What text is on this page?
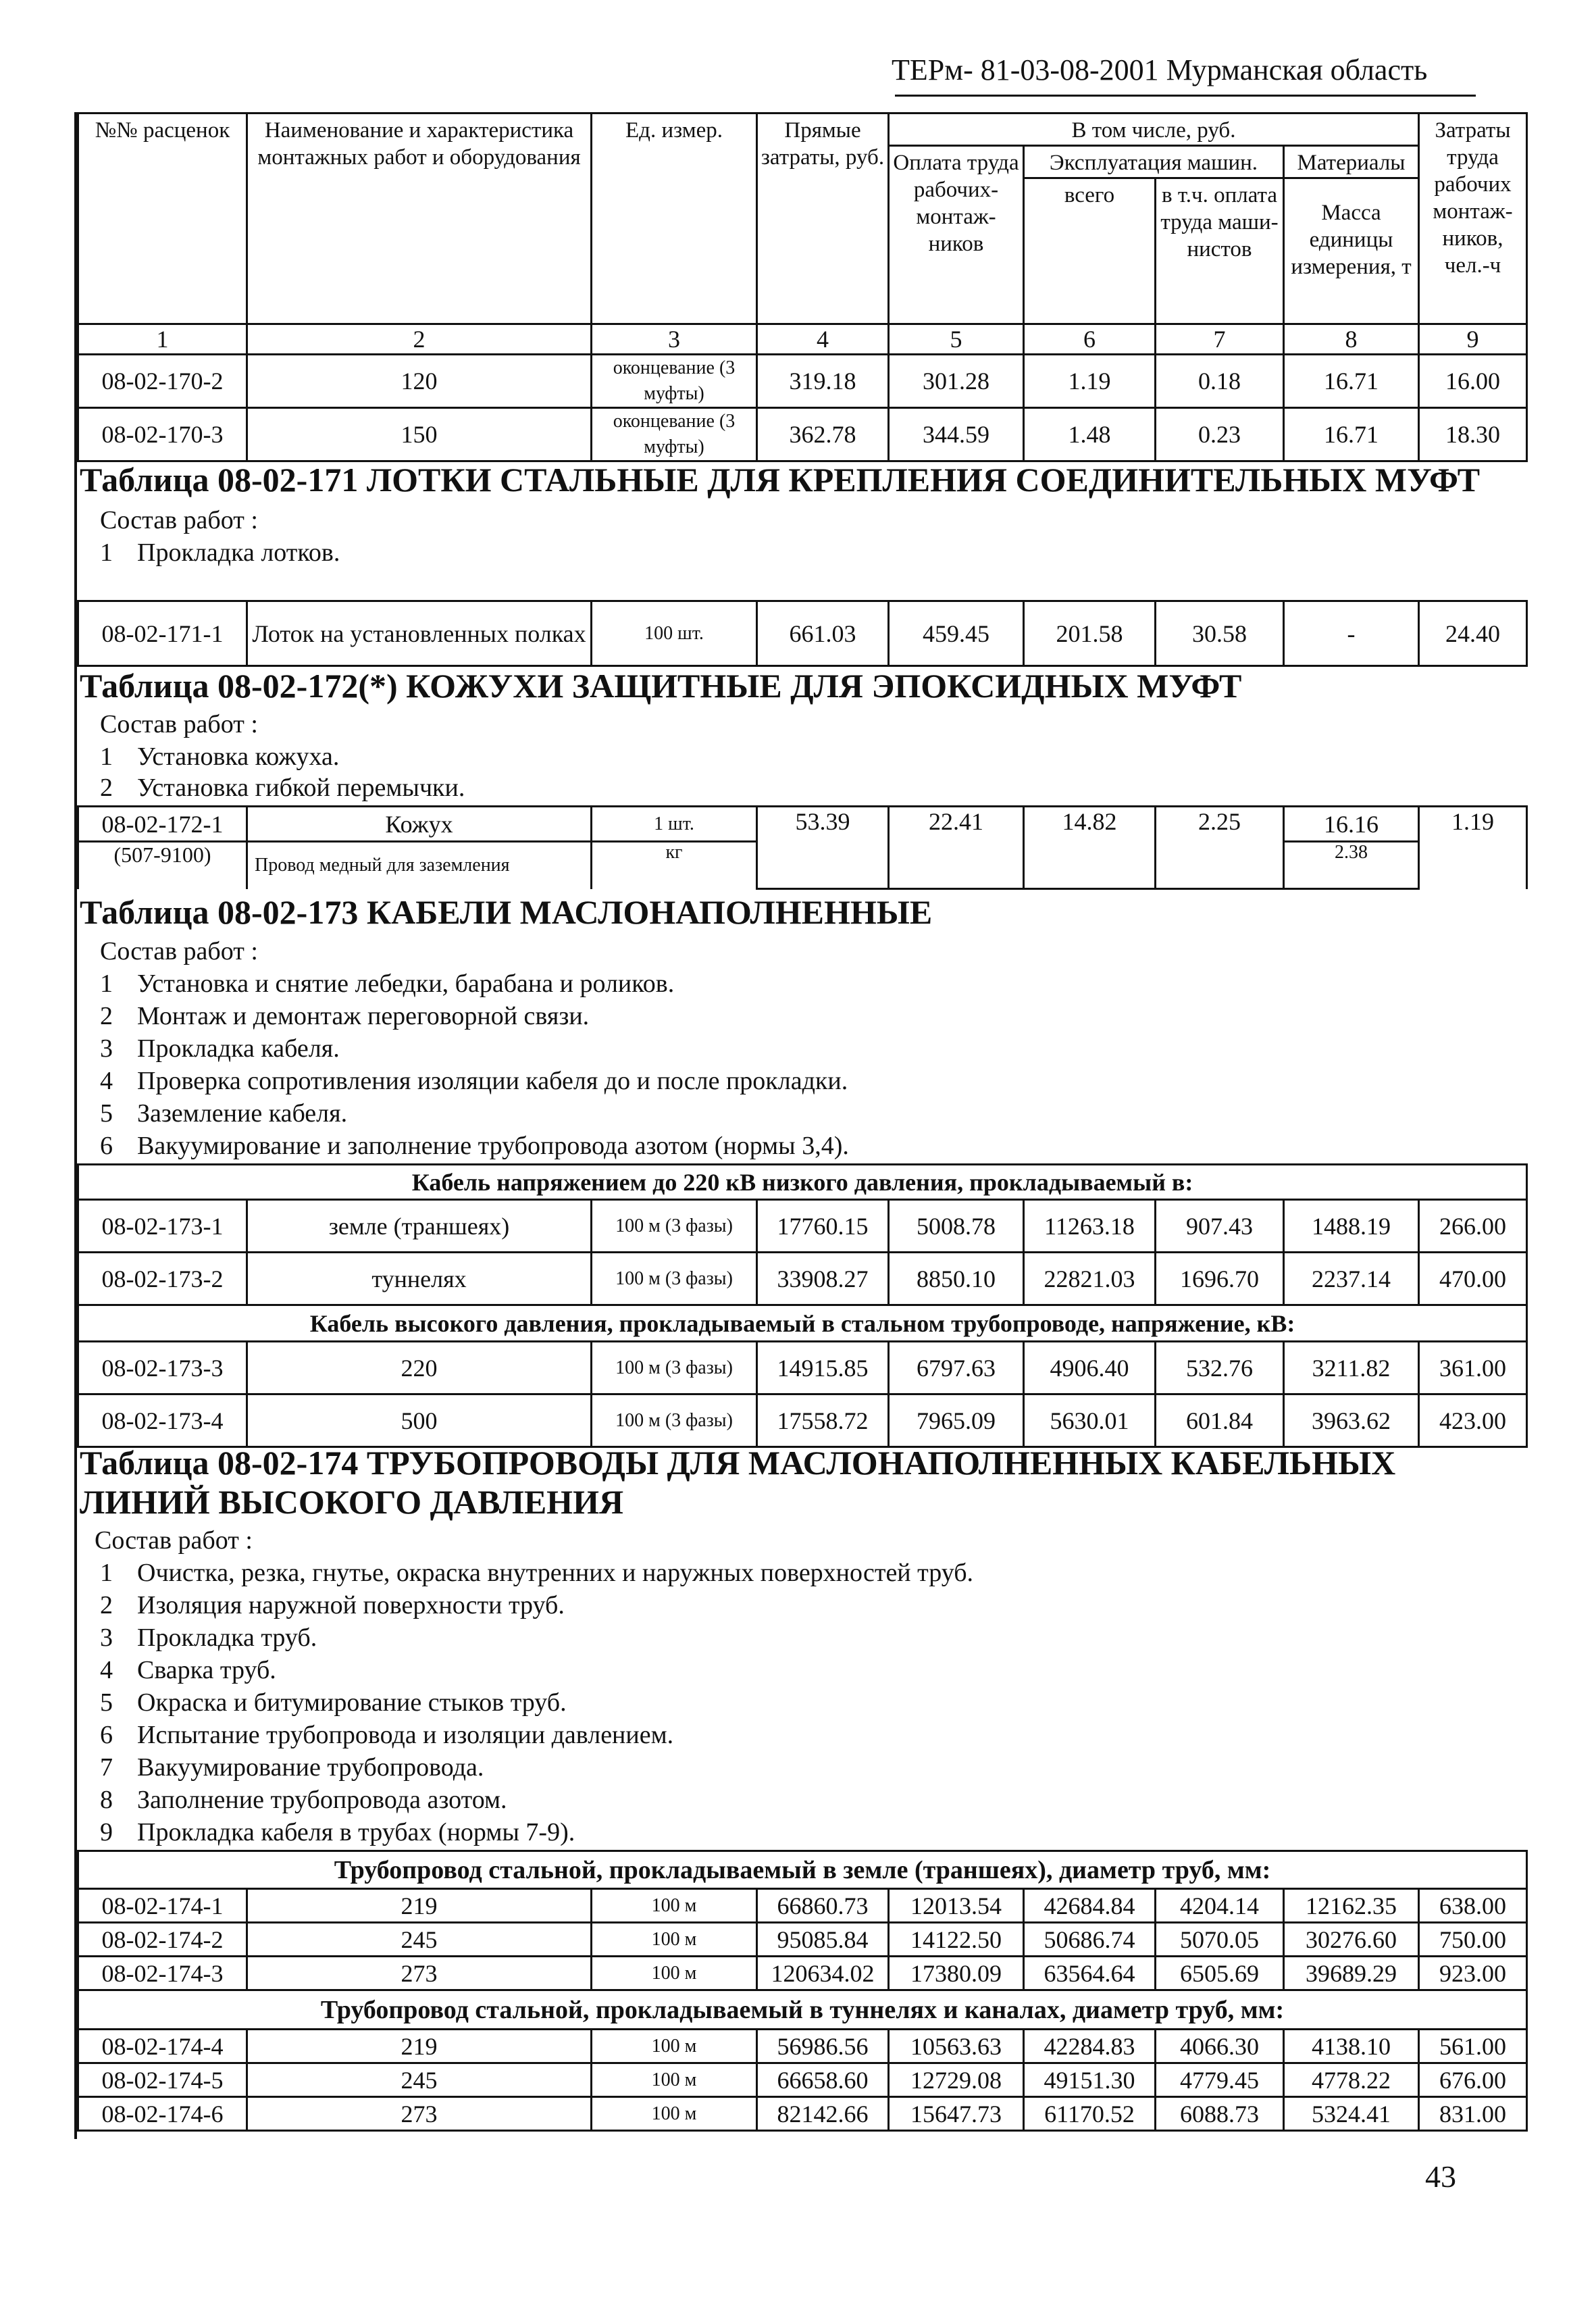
ТЕРм- 81-03-08-2001 Мурманская область
№№ расценок	Наименование и характеристика монтажных работ и оборудования	Ед. измер.	Прямые затраты, руб.	В том числе, руб.				Затраты труда рабочих монтаж-ников, чел.-ч
				Оплата труда рабочих-монтаж-ников	Эксплуатация машин.		Материалы	
					всего	в т.ч. оплата труда маши-нистов	Масса единицы измерения, т	
1	2	3	4	5	6	7	8	9
08-02-170-2	120	оконцевание (3 муфты)	319.18	301.28	1.19	0.18	16.71	16.00
08-02-170-3	150	оконцевание (3 муфты)	362.78	344.59	1.48	0.23	16.71	18.30
Таблица 08-02-171 ЛОТКИ СТАЛЬНЫЕ ДЛЯ КРЕПЛЕНИЯ СОЕДИНИТЕЛЬНЫХ МУФТ
Состав работ :
1 Прокладка лотков.
08-02-171-1	Лоток на установленных полках	100 шт.	661.03	459.45	201.58	30.58	-	24.40
Таблица 08-02-172(*) КОЖУХИ ЗАЩИТНЫЕ ДЛЯ ЭПОКСИДНЫХ МУФТ
Состав работ :
1 Установка кожуха.
2 Установка гибкой перемычки.
08-02-172-1	Кожух	1 шт.	53.39	22.41	14.82	2.25	16.16	1.19
(507-9100)	Провод медный для заземления	кг					2.38	
Таблица 08-02-173 КАБЕЛИ МАСЛОНАПОЛНЕННЫЕ
Состав работ :
1 Установка и снятие лебедки, барабана и роликов.
2 Монтаж и демонтаж переговорной связи.
3 Прокладка кабеля.
4 Проверка сопротивления изоляции кабеля до и после прокладки.
5 Заземление кабеля.
6 Вакуумирование и заполнение трубопровода азотом (нормы 3,4).
Кабель напряжением до 220 кВ низкого давления, прокладываемый в:								
08-02-173-1	земле (траншеях)	100 м (3 фазы)	17760.15	5008.78	11263.18	907.43	1488.19	266.00
08-02-173-2	туннелях	100 м (3 фазы)	33908.27	8850.10	22821.03	1696.70	2237.14	470.00
Кабель высокого давления, прокладываемый в стальном трубопроводе, напряжение, кВ:								
08-02-173-3	220	100 м (3 фазы)	14915.85	6797.63	4906.40	532.76	3211.82	361.00
08-02-173-4	500	100 м (3 фазы)	17558.72	7965.09	5630.01	601.84	3963.62	423.00
Таблица 08-02-174 ТРУБОПРОВОДЫ ДЛЯ МАСЛОНАПОЛНЕННЫХ КАБЕЛЬНЫХ
ЛИНИЙ ВЫСОКОГО ДАВЛЕНИЯ
Состав работ :
1 Очистка, резка, гнутье, окраска внутренних и наружных поверхностей труб.
2 Изоляция наружной поверхности труб.
3 Прокладка труб.
4 Сварка труб.
5 Окраска и битумирование стыков труб.
6 Испытание трубопровода и изоляции давлением.
7 Вакуумирование трубопровода.
8 Заполнение трубопровода азотом.
9 Прокладка кабеля в трубах (нормы 7-9).
Трубопровод стальной, прокладываемый в земле (траншеях), диаметр труб, мм:								
08-02-174-1	219	100 м	66860.73	12013.54	42684.84	4204.14	12162.35	638.00
08-02-174-2	245	100 м	95085.84	14122.50	50686.74	5070.05	30276.60	750.00
08-02-174-3	273	100 м	120634.02	17380.09	63564.64	6505.69	39689.29	923.00
Трубопровод стальной, прокладываемый в туннелях и каналах, диаметр труб, мм:								
08-02-174-4	219	100 м	56986.56	10563.63	42284.83	4066.30	4138.10	561.00
08-02-174-5	245	100 м	66658.60	12729.08	49151.30	4779.45	4778.22	676.00
08-02-174-6	273	100 м	82142.66	15647.73	61170.52	6088.73	5324.41	831.00
43
